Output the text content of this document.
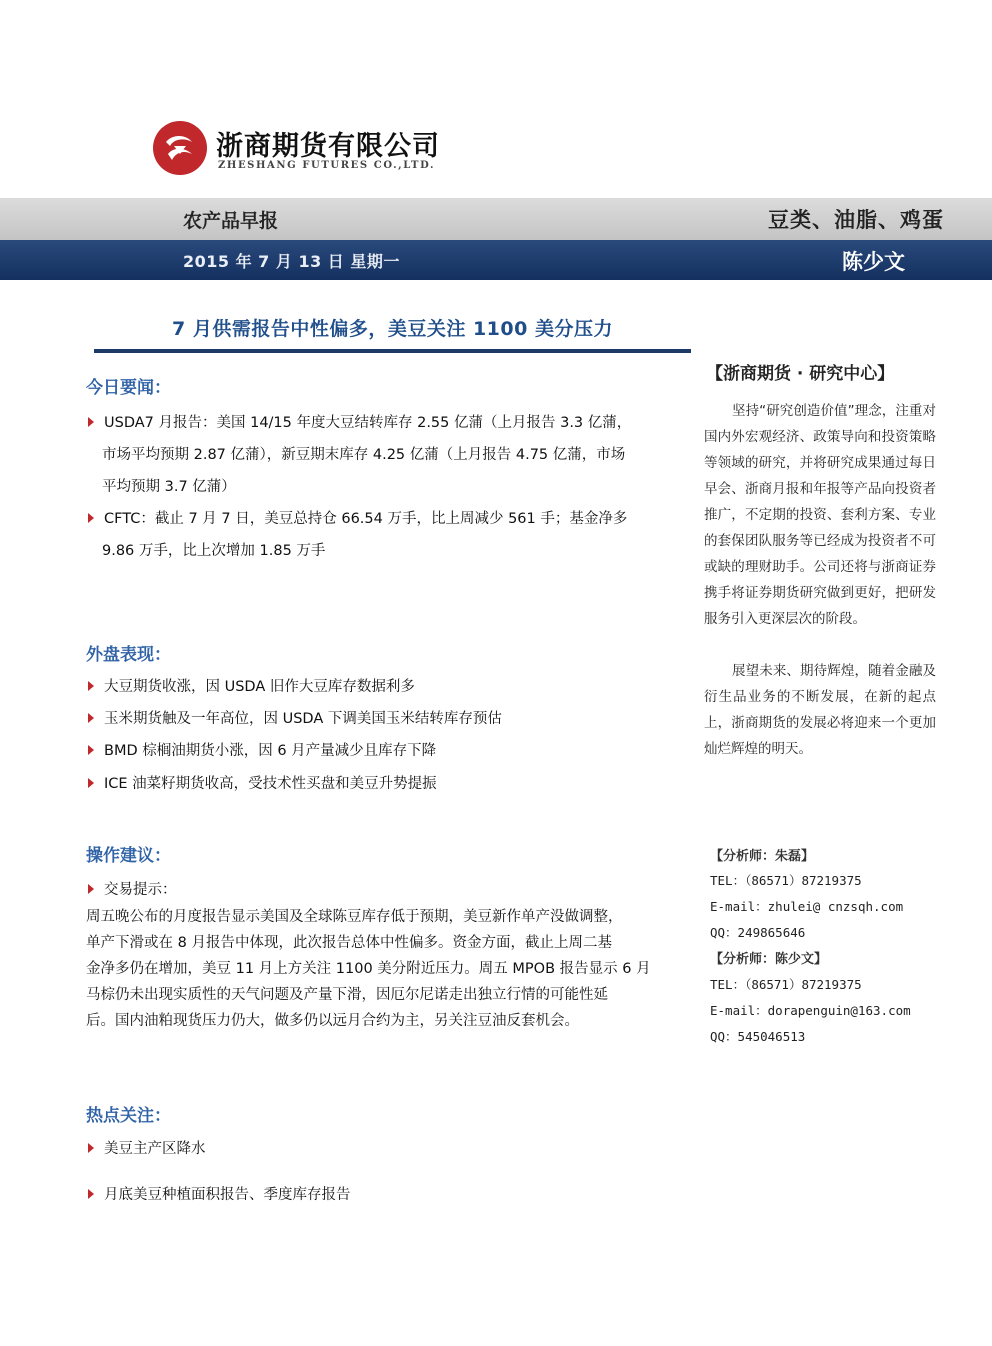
浙商期货有限公司
ZHESHANG FUTURES CO.,LTD.
农产品早报	豆类、油脂、鸡蛋
2015 年 7 月 13 日 星期一	陈少文
7 月供需报告中性偏多，美豆关注 1100 美分压力
今日要闻：
USDA7 月报告：美国 14/15 年度大豆结转库存 2.55 亿蒲（上月报告 3.3 亿蒲，
市场平均预期 2.87 亿蒲），新豆期末库存 4.25 亿蒲（上月报告 4.75 亿蒲，市场
平均预期 3.7 亿蒲）
CFTC：截止 7 月 7 日，美豆总持仓 66.54 万手，比上周减少 561 手；基金净多
9.86 万手，比上次增加 1.85 万手
外盘表现：
大豆期货收涨，因 USDA 旧作大豆库存数据利多
玉米期货触及一年高位，因 USDA 下调美国玉米结转库存预估
BMD 棕榈油期货小涨，因 6 月产量减少且库存下降
ICE 油菜籽期货收高，受技术性买盘和美豆升势提振
操作建议：
交易提示：
周五晚公布的月度报告显示美国及全球陈豆库存低于预期，美豆新作单产没做调整，
单产下滑或在 8 月报告中体现，此次报告总体中性偏多。资金方面，截止上周二基
金净多仍在增加，美豆 11 月上方关注 1100 美分附近压力。周五 MPOB 报告显示 6 月
马棕仍未出现实质性的天气问题及产量下滑，因厄尔尼诺走出独立行情的可能性延
后。国内油粕现货压力仍大，做多仍以远月合约为主，另关注豆油反套机会。
热点关注：
美豆主产区降水
月底美豆种植面积报告、季度库存报告
【浙商期货 · 研究中心】
坚持“研究创造价值”理念，注重对国内外宏观经济、政策导向和投资策略等领域的研究，并将研究成果通过每日早会、浙商月报和年报等产品向投资者推广，不定期的投资、套利方案、专业的套保团队服务等已经成为投资者不可或缺的理财助手。公司还将与浙商证券携手将证券期货研究做到更好，把研发服务引入更深层次的阶段。
展望未来、期待辉煌，随着金融及衍生品业务的不断发展，在新的起点上，浙商期货的发展必将迎来一个更加灿烂辉煌的明天。
【分析师：朱磊】
TEL：（86571）87219375
E-mail：zhulei@ cnzsqh.com
QQ：249865646
【分析师：陈少文】
TEL：（86571）87219375
E-mail：dorapenguin@163.com
QQ：545046513
